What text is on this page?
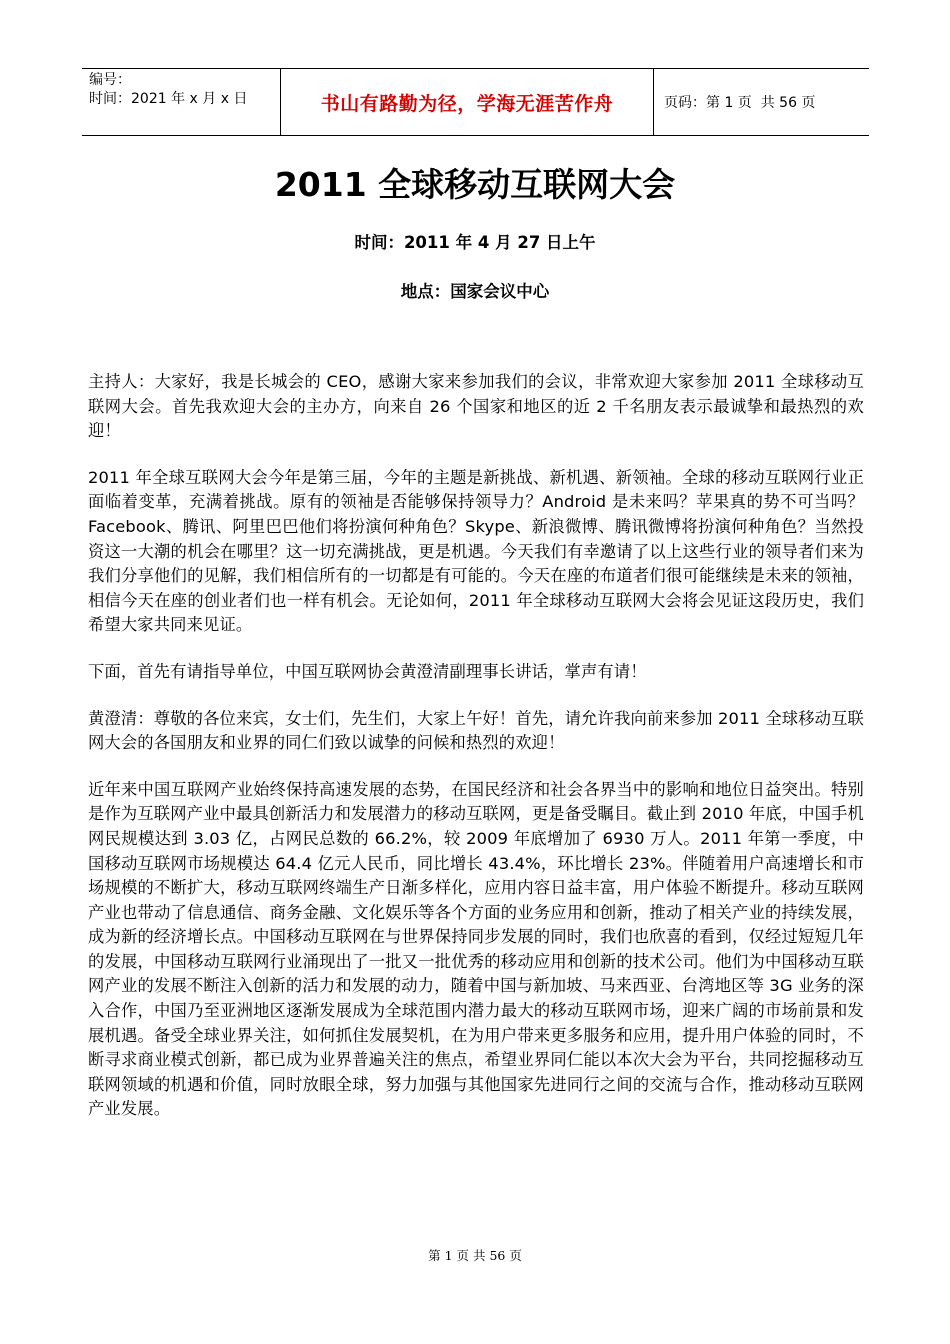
编号：
时间：2021 年 x 月 x 日	书山有路勤为径，学海无涯苦作舟	页码：第 1 页  共 56 页
2011 全球移动互联网大会

时间：2011 年 4 月 27 日上午

地点：国家会议中心

主持人：大家好，我是长城会的 CEO，感谢大家来参加我们的会议，非常欢迎大家参加 2011 全球移动互联网大会。首先我欢迎大会的主办方，向来自 26 个国家和地区的近 2 千名朋友表示最诚挚和最热烈的欢迎！

2011 年全球互联网大会今年是第三届，今年的主题是新挑战、新机遇、新领袖。全球的移动互联网行业正面临着变革，充满着挑战。原有的领袖是否能够保持领导力？Android 是未来吗？苹果真的势不可当吗？Facebook、腾讯、阿里巴巴他们将扮演何种角色？Skype、新浪微博、腾讯微博将扮演何种角色？当然投资这一大潮的机会在哪里？这一切充满挑战，更是机遇。今天我们有幸邀请了以上这些行业的领导者们来为我们分享他们的见解，我们相信所有的一切都是有可能的。今天在座的布道者们很可能继续是未来的领袖，相信今天在座的创业者们也一样有机会。无论如何，2011 年全球移动互联网大会将会见证这段历史，我们希望大家共同来见证。

下面，首先有请指导单位，中国互联网协会黄澄清副理事长讲话，掌声有请！

黄澄清：尊敬的各位来宾，女士们，先生们，大家上午好！首先，请允许我向前来参加 2011 全球移动互联网大会的各国朋友和业界的同仁们致以诚挚的问候和热烈的欢迎！

近年来中国互联网产业始终保持高速发展的态势，在国民经济和社会各界当中的影响和地位日益突出。特别是作为互联网产业中最具创新活力和发展潜力的移动互联网，更是备受瞩目。截止到 2010 年底，中国手机网民规模达到 3.03 亿，占网民总数的 66.2%，较 2009 年底增加了 6930 万人。2011 年第一季度，中国移动互联网市场规模达 64.4 亿元人民币，同比增长 43.4%，环比增长 23%。伴随着用户高速增长和市场规模的不断扩大，移动互联网终端生产日渐多样化，应用内容日益丰富，用户体验不断提升。移动互联网产业也带动了信息通信、商务金融、文化娱乐等各个方面的业务应用和创新，推动了相关产业的持续发展，成为新的经济增长点。中国移动互联网在与世界保持同步发展的同时，我们也欣喜的看到，仅经过短短几年的发展，中国移动互联网行业涌现出了一批又一批优秀的移动应用和创新的技术公司。他们为中国移动互联网产业的发展不断注入创新的活力和发展的动力，随着中国与新加坡、马来西亚、台湾地区等 3G 业务的深入合作，中国乃至亚洲地区逐渐发展成为全球范围内潜力最大的移动互联网市场，迎来广阔的市场前景和发展机遇。备受全球业界关注，如何抓住发展契机，在为用户带来更多服务和应用，提升用户体验的同时，不断寻求商业模式创新，都已成为业界普遍关注的焦点，希望业界同仁能以本次大会为平台，共同挖掘移动互联网领域的机遇和价值，同时放眼全球，努力加强与其他国家先进同行之间的交流与合作，推动移动互联网产业发展。

第 1 页 共 56 页
